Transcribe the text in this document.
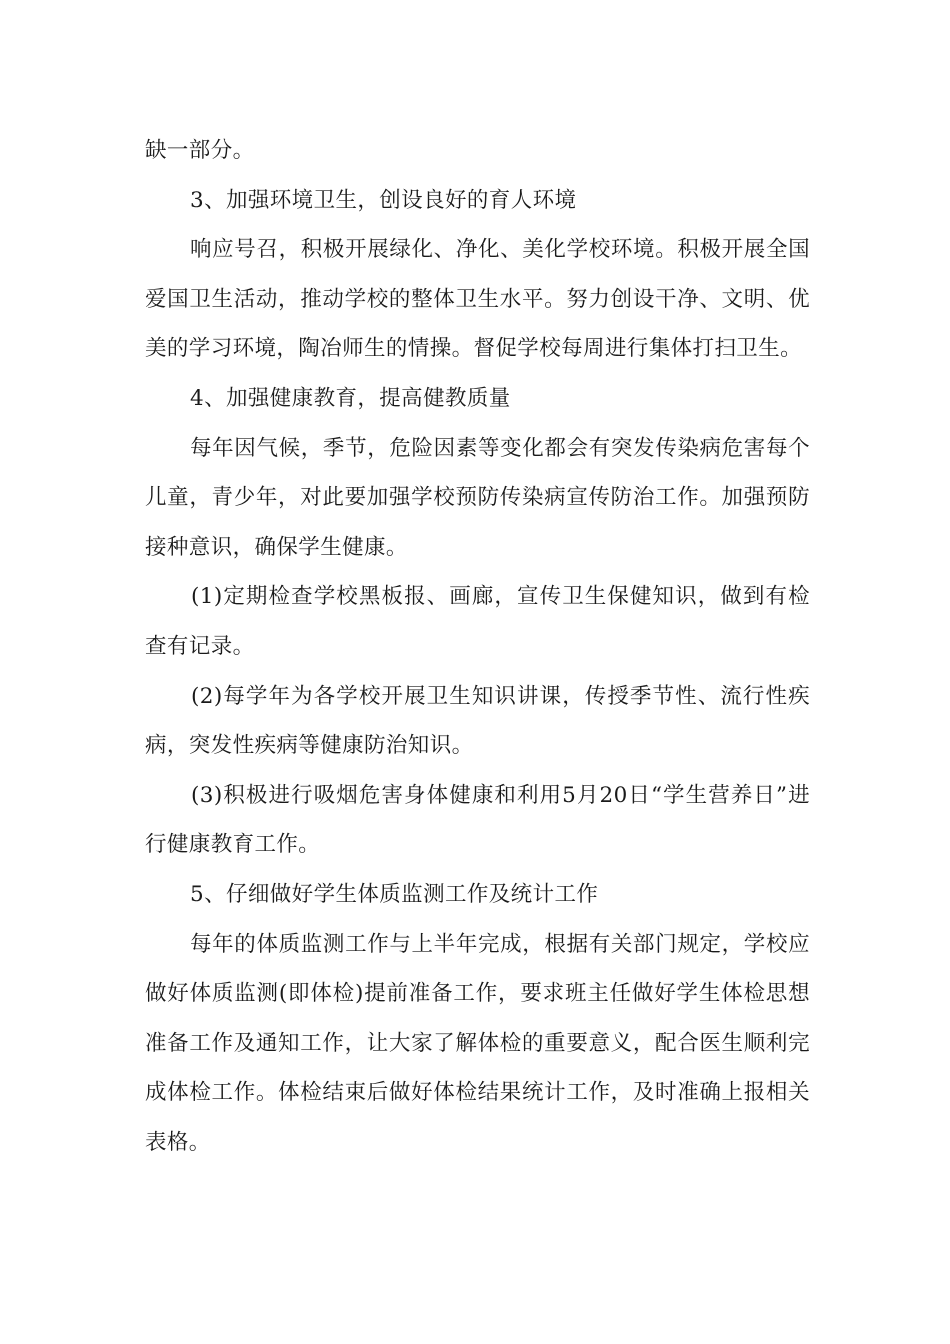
缺一部分。

3、加强环境卫生，创设良好的育人环境

响应号召，积极开展绿化、净化、美化学校环境。积极开展全国爱国卫生活动，推动学校的整体卫生水平。努力创设干净、文明、优美的学习环境，陶冶师生的情操。督促学校每周进行集体打扫卫生。

4、加强健康教育，提高健教质量

每年因气候，季节，危险因素等变化都会有突发传染病危害每个儿童，青少年，对此要加强学校预防传染病宣传防治工作。加强预防接种意识，确保学生健康。

(1)定期检查学校黑板报、画廊，宣传卫生保健知识，做到有检查有记录。

(2)每学年为各学校开展卫生知识讲课，传授季节性、流行性疾病，突发性疾病等健康防治知识。

(3)积极进行吸烟危害身体健康和利用5月20日“学生营养日”进行健康教育工作。

5、仔细做好学生体质监测工作及统计工作

每年的体质监测工作与上半年完成，根据有关部门规定，学校应做好体质监测(即体检)提前准备工作，要求班主任做好学生体检思想准备工作及通知工作，让大家了解体检的重要意义，配合医生顺利完成体检工作。体检结束后做好体检结果统计工作，及时准确上报相关表格。
